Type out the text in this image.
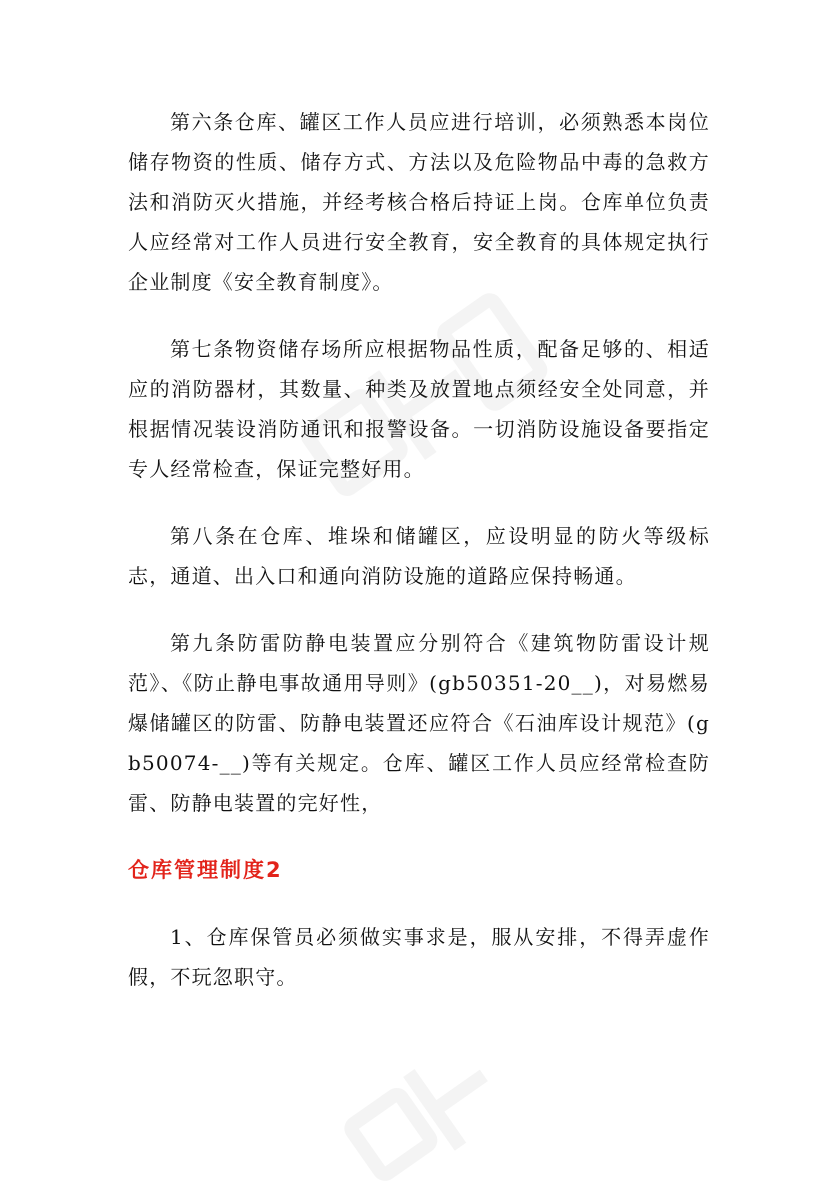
第六条仓库、罐区工作人员应进行培训，必须熟悉本岗位储存物资的性质、储存方式、方法以及危险物品中毒的急救方法和消防灭火措施，并经考核合格后持证上岗。仓库单位负责人应经常对工作人员进行安全教育，安全教育的具体规定执行企业制度《安全教育制度》。

第七条物资储存场所应根据物品性质，配备足够的、相适应的消防器材，其数量、种类及放置地点须经安全处同意，并根据情况装设消防通讯和报警设备。一切消防设施设备要指定专人经常检查，保证完整好用。

第八条在仓库、堆垛和储罐区，应设明显的防火等级标志，通道、出入口和通向消防设施的道路应保持畅通。

第九条防雷防静电装置应分别符合《建筑物防雷设计规范》、《防止静电事故通用导则》(gb50351-20__)，对易燃易爆储罐区的防雷、防静电装置还应符合《石油库设计规范》(gb50074-__)等有关规定。仓库、罐区工作人员应经常检查防雷、防静电装置的完好性，

仓库管理制度2

1、仓库保管员必须做实事求是，服从安排，不得弄虚作假，不玩忽职守。
